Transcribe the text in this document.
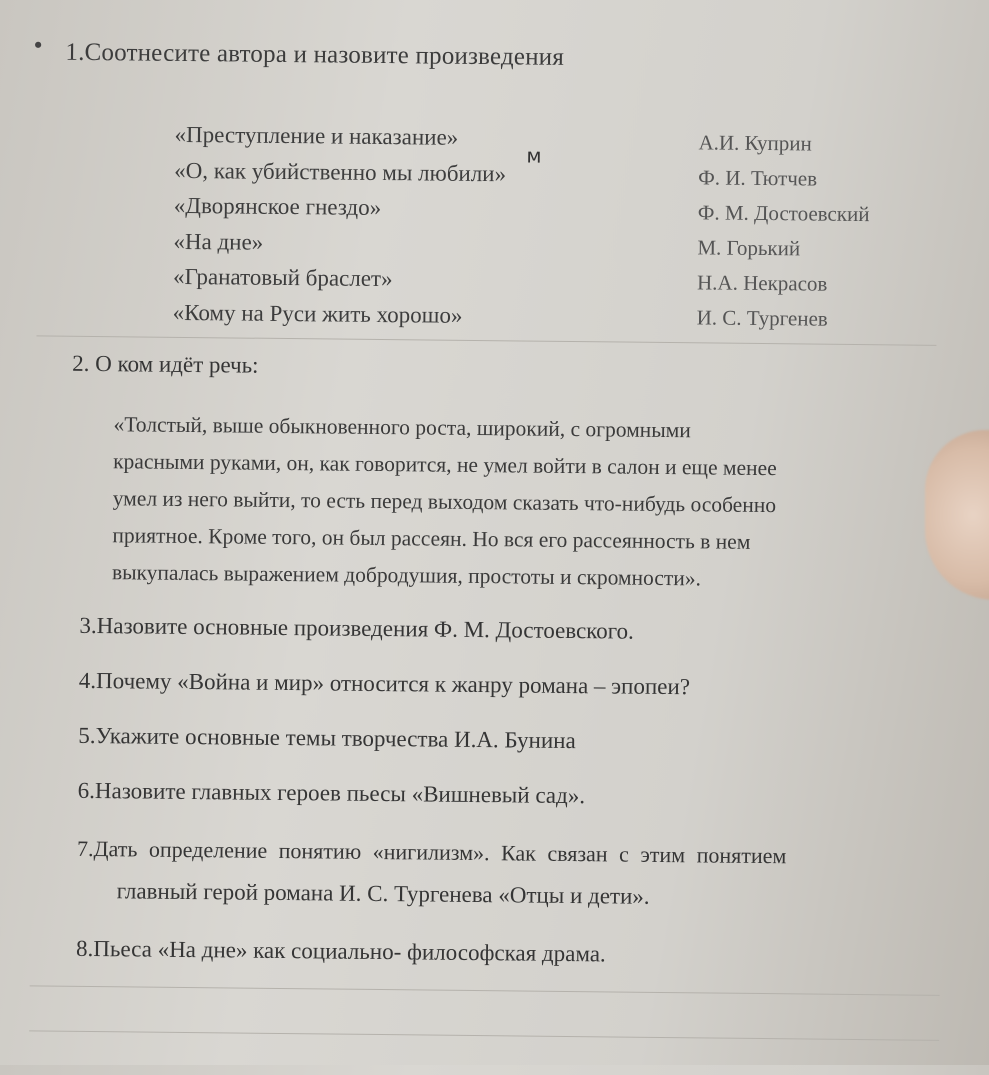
• 1.Соотнесите автора и назовите произведения
«Преступление и наказание»
«О, как убийственно мы любили»
«Дворянское гнездо»
«На дне»
«Гранатовый браслет»
«Кому на Руси жить хорошо»
м
А.И. Куприн
Ф. И. Тютчев
Ф. М. Достоевский
М. Горький
Н.А. Некрасов
И. С. Тургенев
2. О ком идёт речь:
«Толстый, выше обыкновенного роста, широкий, с огромными
красными руками, он, как говорится, не умел войти в салон и еще менее
умел из него выйти, то есть перед выходом сказать что-нибудь особенно
приятное. Кроме того, он был рассеян. Но вся его рассеянность в нем
выкупалась выражением добродушия, простоты и скромности».
3.Назовите основные произведения Ф. М. Достоевского.
4.Почему «Война и мир» относится к жанру романа – эпопеи?
5.Укажите основные темы творчества И.А. Бунина
6.Назовите главных героев пьесы «Вишневый сад».
7.Дать определение понятию «нигилизм». Как связан с этим понятием
главный герой романа И. С. Тургенева «Отцы и дети».
8.Пьеса «На дне» как социально- философская драма.
